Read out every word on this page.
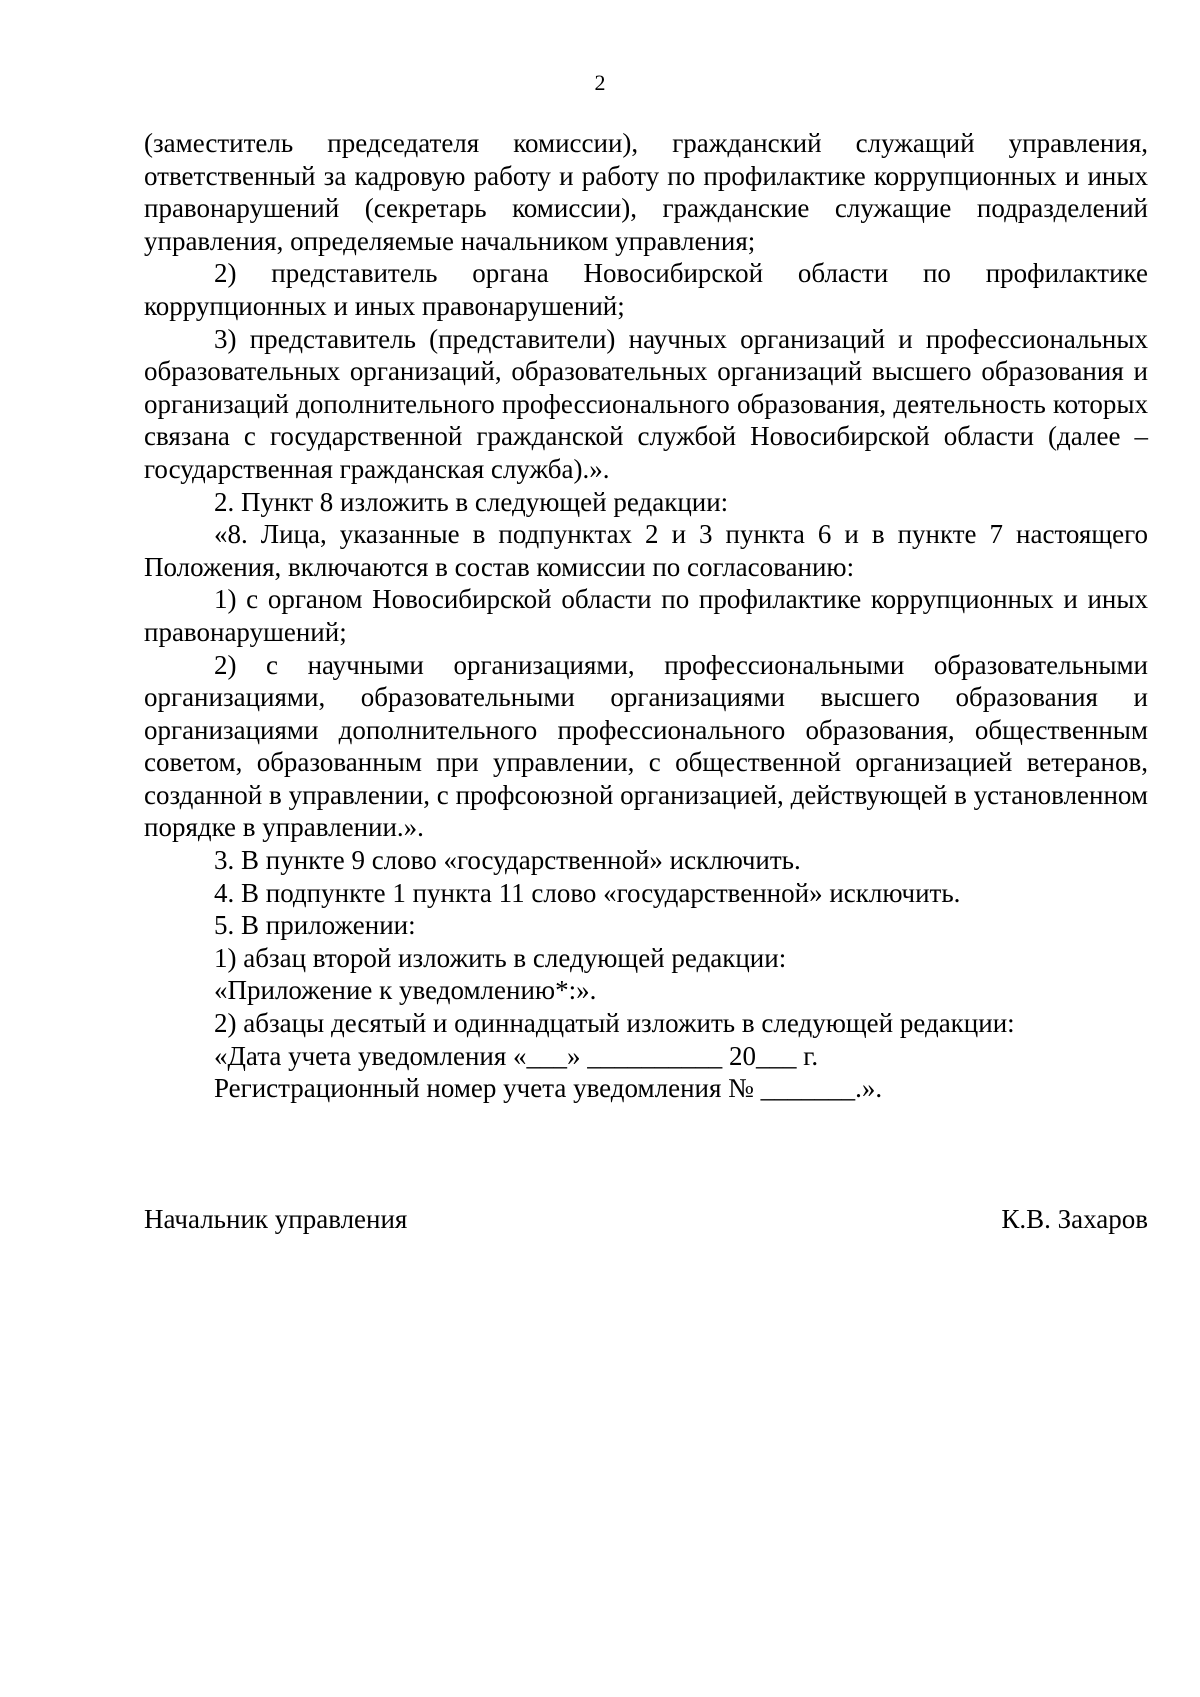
2

(заместитель председателя комиссии), гражданский служащий управления, ответственный за кадровую работу и работу по профилактике коррупционных и иных правонарушений (секретарь комиссии), гражданские служащие подразделений управления, определяемые начальником управления;

2) представитель органа Новосибирской области по профилактике коррупционных и иных правонарушений;

3) представитель (представители) научных организаций и профессиональных образовательных организаций, образовательных организаций высшего образования и организаций дополнительного профессионального образования, деятельность которых связана с государственной гражданской службой Новосибирской области (далее – государственная гражданская служба).».

2. Пункт 8 изложить в следующей редакции:

«8. Лица, указанные в подпунктах 2 и 3 пункта 6 и в пункте 7 настоящего Положения, включаются в состав комиссии по согласованию:

1) с органом Новосибирской области по профилактике коррупционных и иных правонарушений;

2) с научными организациями, профессиональными образовательными организациями, образовательными организациями высшего образования и организациями дополнительного профессионального образования, общественным советом, образованным при управлении, с общественной организацией ветеранов, созданной в управлении, с профсоюзной организацией, действующей в установленном порядке в управлении.».

3. В пункте 9 слово «государственной» исключить.

4. В подпункте 1 пункта 11 слово «государственной» исключить.

5. В приложении:

1) абзац второй изложить в следующей редакции:

«Приложение к уведомлению*:».

2) абзацы десятый и одиннадцатый изложить в следующей редакции:

«Дата учета уведомления «___» __________ 20___ г.

Регистрационный номер учета уведомления № _______.».

Начальник управления	К.В. Захаров
